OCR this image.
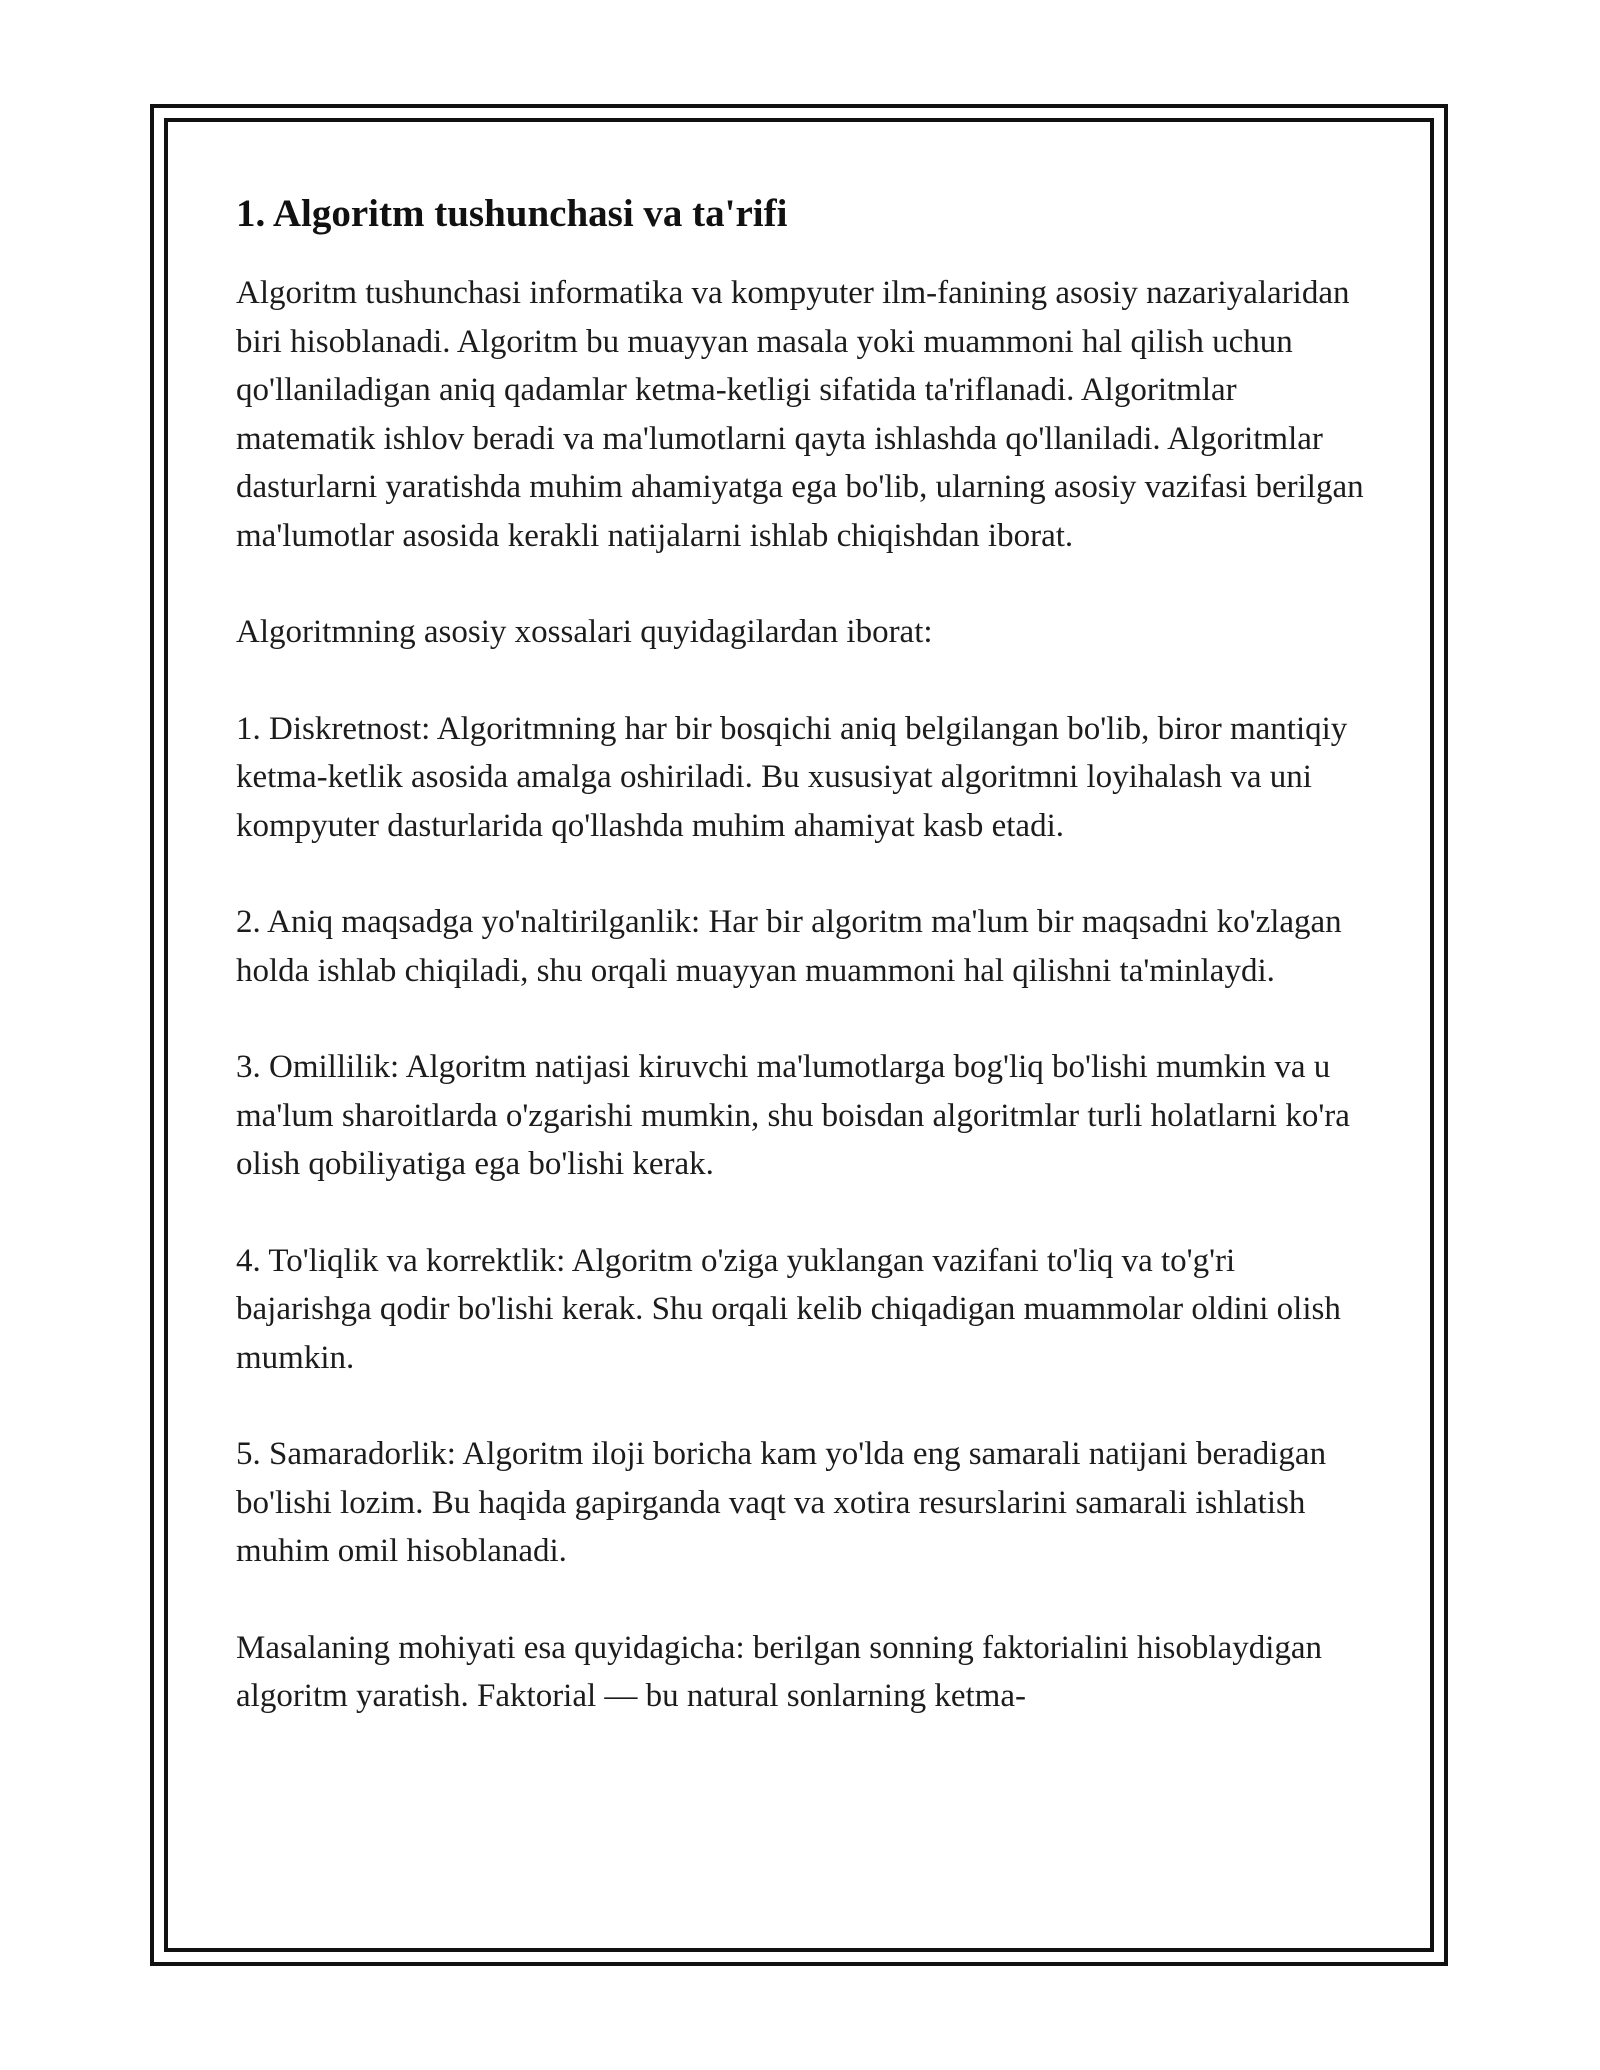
1. Algoritm tushunchasi va ta'rifi

Algoritm tushunchasi informatika va kompyuter ilm-fanining asosiy nazariyalaridan biri hisoblanadi. Algoritm bu muayyan masala yoki muammoni hal qilish uchun qo'llaniladigan aniq qadamlar ketma-ketligi sifatida ta'riflanadi. Algoritmlar matematik ishlov beradi va ma'lumotlarni qayta ishlashda qo'llaniladi. Algoritmlar dasturlarni yaratishda muhim ahamiyatga ega bo'lib, ularning asosiy vazifasi berilgan ma'lumotlar asosida kerakli natijalarni ishlab chiqishdan iborat.

Algoritmning asosiy xossalari quyidagilardan iborat:

1. Diskretnost: Algoritmning har bir bosqichi aniq belgilangan bo'lib, biror mantiqiy ketma-ketlik asosida amalga oshiriladi. Bu xususiyat algoritmni loyihalash va uni kompyuter dasturlarida qo'llashda muhim ahamiyat kasb etadi.

2. Aniq maqsadga yo'naltirilganlik: Har bir algoritm ma'lum bir maqsadni ko'zlagan holda ishlab chiqiladi, shu orqali muayyan muammoni hal qilishni ta'minlaydi.

3. Omillilik: Algoritm natijasi kiruvchi ma'lumotlarga bog'liq bo'lishi mumkin va u ma'lum sharoitlarda o'zgarishi mumkin, shu boisdan algoritmlar turli holatlarni ko'ra olish qobiliyatiga ega bo'lishi kerak.

4. To'liqlik va korrektlik: Algoritm o'ziga yuklangan vazifani to'liq va to'g'ri bajarishga qodir bo'lishi kerak. Shu orqali kelib chiqadigan muammolar oldini olish mumkin.

5. Samaradorlik: Algoritm iloji boricha kam yo'lda eng samarali natijani beradigan bo'lishi lozim. Bu haqida gapirganda vaqt va xotira resurslarini samarali ishlatish muhim omil hisoblanadi.

Masalaning mohiyati esa quyidagicha: berilgan sonning faktorialini hisoblaydigan algoritm yaratish. Faktorial — bu natural sonlarning ketma-
